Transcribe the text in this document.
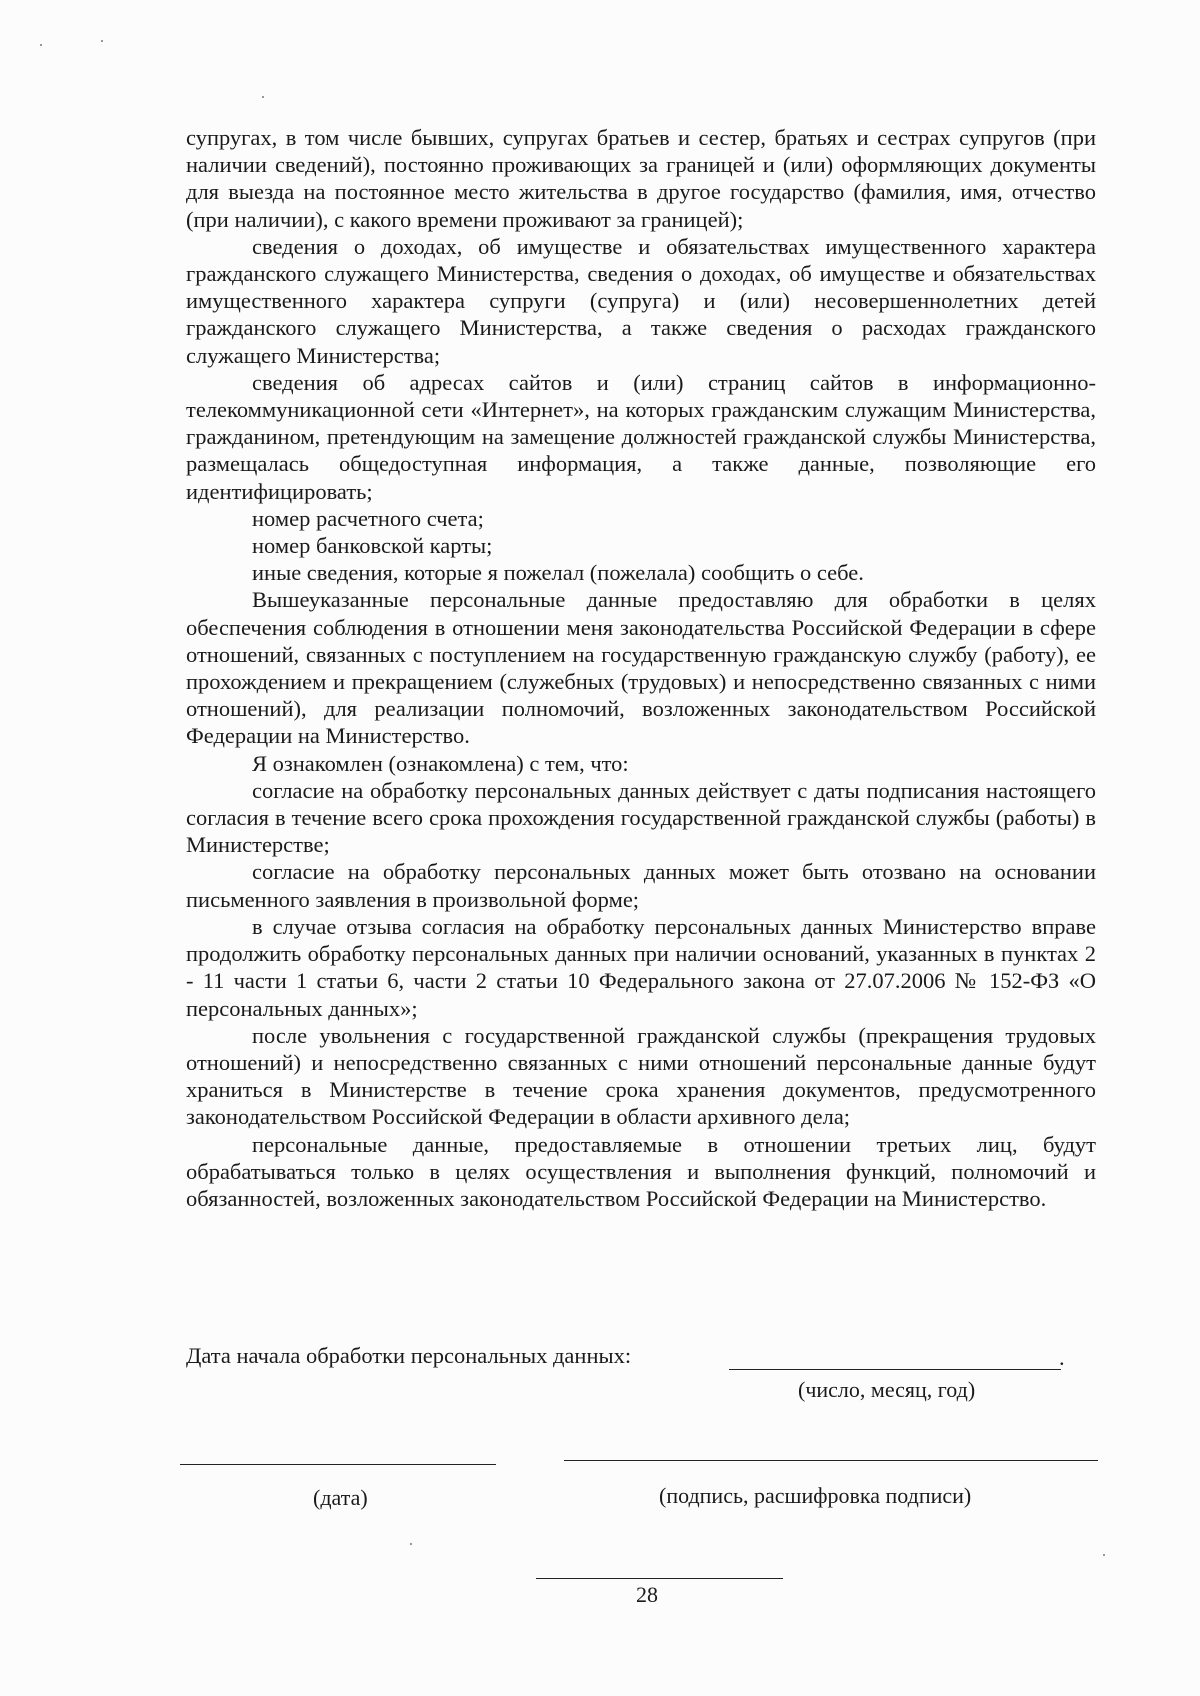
супругах, в том числе бывших, супругах братьев и сестер, братьях и сестрах супругов (при наличии сведений), постоянно проживающих за границей и (или) оформляющих документы для выезда на постоянное место жительства в другое государство (фамилия, имя, отчество (при наличии), с какого времени проживают за границей);

сведения о доходах, об имуществе и обязательствах имущественного характера гражданского служащего Министерства, сведения о доходах, об имуществе и обязательствах имущественного характера супруги (супруга) и (или) несовершеннолетних детей гражданского служащего Министерства, а также сведения о расходах гражданского служащего Министерства;

сведения об адресах сайтов и (или) страниц сайтов в информационно-телекоммуникационной сети «Интернет», на которых гражданским служащим Министерства, гражданином, претендующим на замещение должностей гражданской службы Министерства, размещалась общедоступная информация, а также данные, позволяющие его идентифицировать;

номер расчетного счета;

номер банковской карты;

иные сведения, которые я пожелал (пожелала) сообщить о себе.

Вышеуказанные персональные данные предоставляю для обработки в целях обеспечения соблюдения в отношении меня законодательства Российской Федерации в сфере отношений, связанных с поступлением на государственную гражданскую службу (работу), ее прохождением и прекращением (служебных (трудовых) и непосредственно связанных с ними отношений), для реализации полномочий, возложенных законодательством Российской Федерации на Министерство.

Я ознакомлен (ознакомлена) с тем, что:

согласие на обработку персональных данных действует с даты подписания настоящего согласия в течение всего срока прохождения государственной гражданской службы (работы) в Министерстве;

согласие на обработку персональных данных может быть отозвано на основании письменного заявления в произвольной форме;

в случае отзыва согласия на обработку персональных данных Министерство вправе продолжить обработку персональных данных при наличии оснований, указанных в пунктах 2 - 11 части 1 статьи 6, части 2 статьи 10 Федерального закона от 27.07.2006 № 152-ФЗ «О персональных данных»;

после увольнения с государственной гражданской службы (прекращения трудовых отношений) и непосредственно связанных с ними отношений персональные данные будут храниться в Министерстве в течение срока хранения документов, предусмотренного законодательством Российской Федерации в области архивного дела;

персональные данные, предоставляемые в отношении третьих лиц, будут обрабатываться только в целях осуществления и выполнения функций, полномочий и обязанностей, возложенных законодательством Российской Федерации на Министерство.

Дата начала обработки персональных данных:	.
(число, месяц, год)
(дата)	(подпись, расшифровка подписи)
28
